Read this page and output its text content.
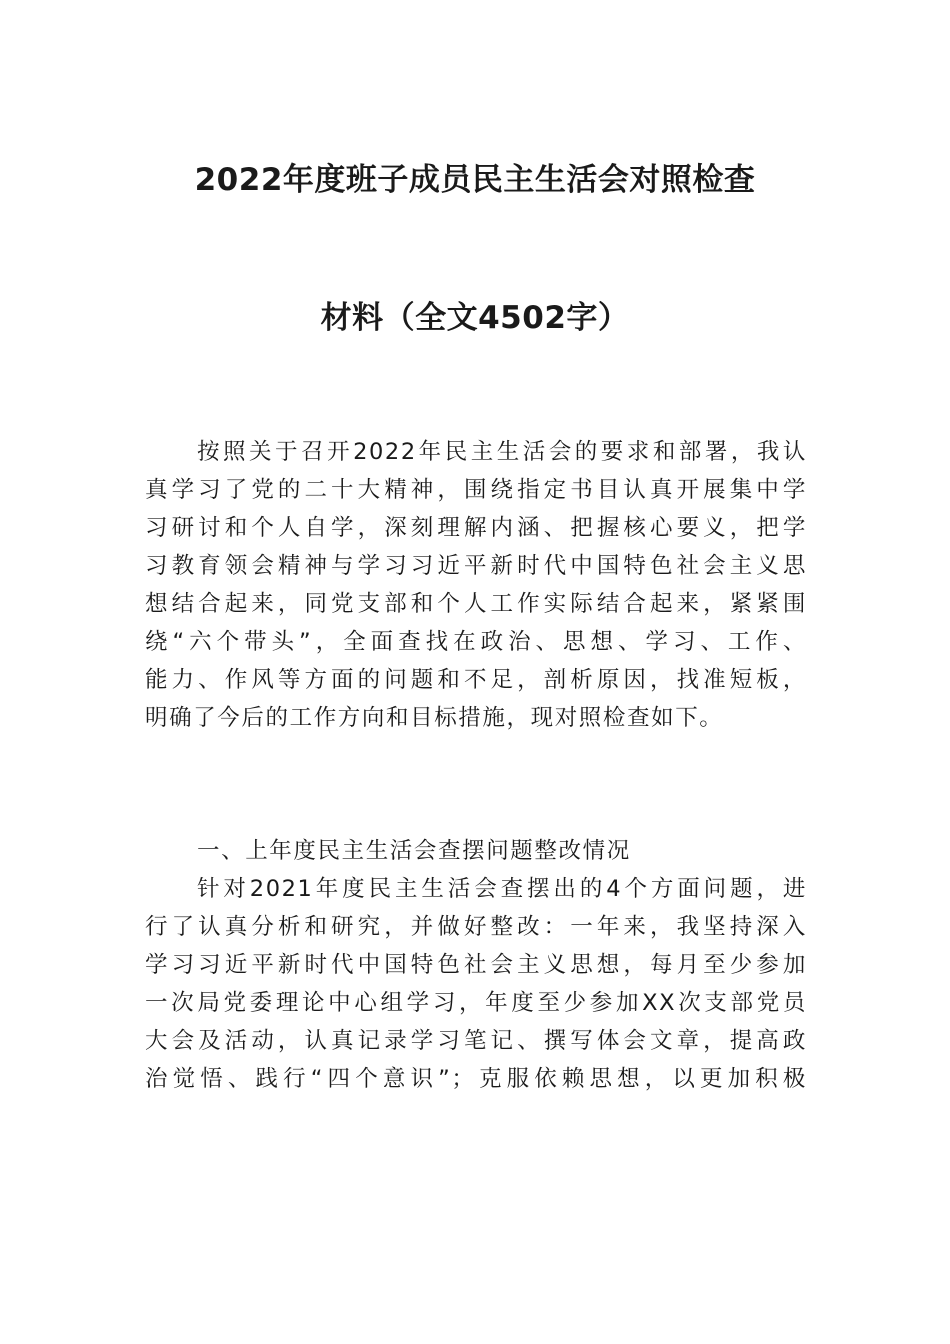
2022年度班子成员民主生活会对照检查
材料（全文4502字）
按照关于召开2022年民主生活会的要求和部署，我认
真学习了党的二十大精神，围绕指定书目认真开展集中学
习研讨和个人自学，深刻理解内涵、把握核心要义，把学
习教育领会精神与学习习近平新时代中国特色社会主义思
想结合起来，同党支部和个人工作实际结合起来，紧紧围
绕“六个带头”，全面查找在政治、思想、学习、工作、
能力、作风等方面的问题和不足，剖析原因，找准短板，
明确了今后的工作方向和目标措施，现对照检查如下。
一、上年度民主生活会查摆问题整改情况
针对2021年度民主生活会查摆出的4个方面问题，进
行了认真分析和研究，并做好整改：一年来，我坚持深入
学习习近平新时代中国特色社会主义思想，每月至少参加
一次局党委理论中心组学习，年度至少参加XX次支部党员
大会及活动，认真记录学习笔记、撰写体会文章，提高政
治觉悟、践行“四个意识”；克服依赖思想，以更加积极
